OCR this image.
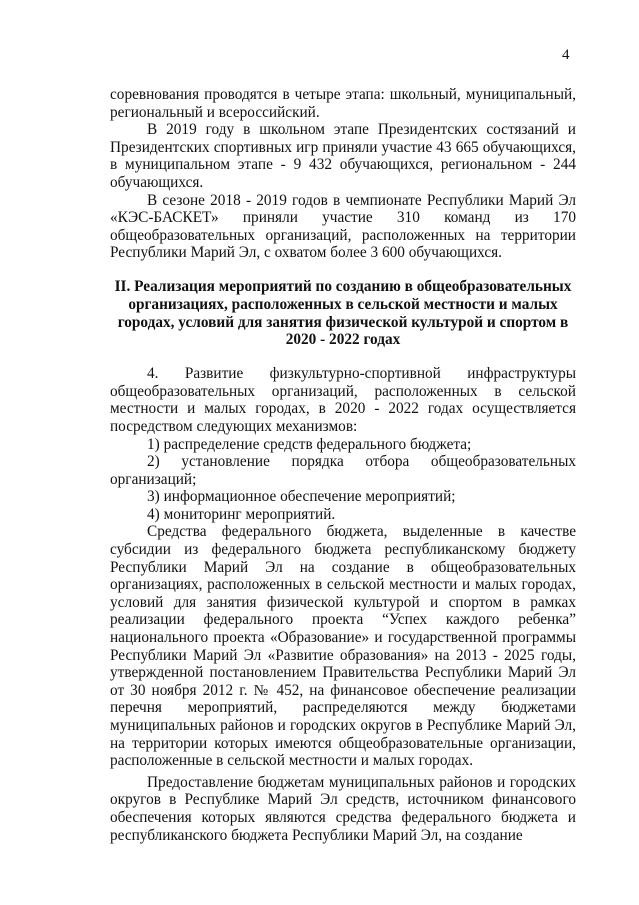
4

соревнования проводятся в четыре этапа: школьный, муниципальный, региональный и всероссийский.

В 2019 году в школьном этапе Президентских состязаний и Президентских спортивных игр приняли участие 43 665 обучающихся, в муниципальном этапе - 9 432 обучающихся, региональном - 244 обучающихся.

В сезоне 2018 - 2019 годов в чемпионате Республики Марий Эл «КЭС-БАСКЕТ» приняли участие 310 команд из 170 общеобразовательных организаций, расположенных на территории Республики Марий Эл, с охватом более 3 600 обучающихся.

II. Реализация мероприятий по созданию в общеобразовательных организациях, расположенных в сельской местности и малых городах, условий для занятия физической культурой и спортом в 2020 - 2022 годах

4. Развитие физкультурно-спортивной инфраструктуры общеобразовательных организаций, расположенных в сельской местности и малых городах, в 2020 - 2022 годах осуществляется посредством следующих механизмов:

1) распределение средств федерального бюджета;

2) установление порядка отбора общеобразовательных организаций;

3) информационное обеспечение мероприятий;

4) мониторинг мероприятий.

Средства федерального бюджета, выделенные в качестве субсидии из федерального бюджета республиканскому бюджету Республики Марий Эл на создание в общеобразовательных организациях, расположенных в сельской местности и малых городах, условий для занятия физической культурой и спортом в рамках реализации федерального проекта “Успех каждого ребенка” национального проекта «Образование» и государственной программы Республики Марий Эл «Развитие образования» на 2013 - 2025 годы, утвержденной постановлением Правительства Республики Марий Эл от 30 ноября 2012 г. № 452, на финансовое обеспечение реализации перечня мероприятий, распределяются между бюджетами муниципальных районов и городских округов в Республике Марий Эл, на территории которых имеются общеобразовательные организации, расположенные в сельской местности и малых городах.

Предоставление бюджетам муниципальных районов и городских округов в Республике Марий Эл средств, источником финансового обеспечения которых являются средства федерального бюджета и республиканского бюджета Республики Марий Эл, на создание
